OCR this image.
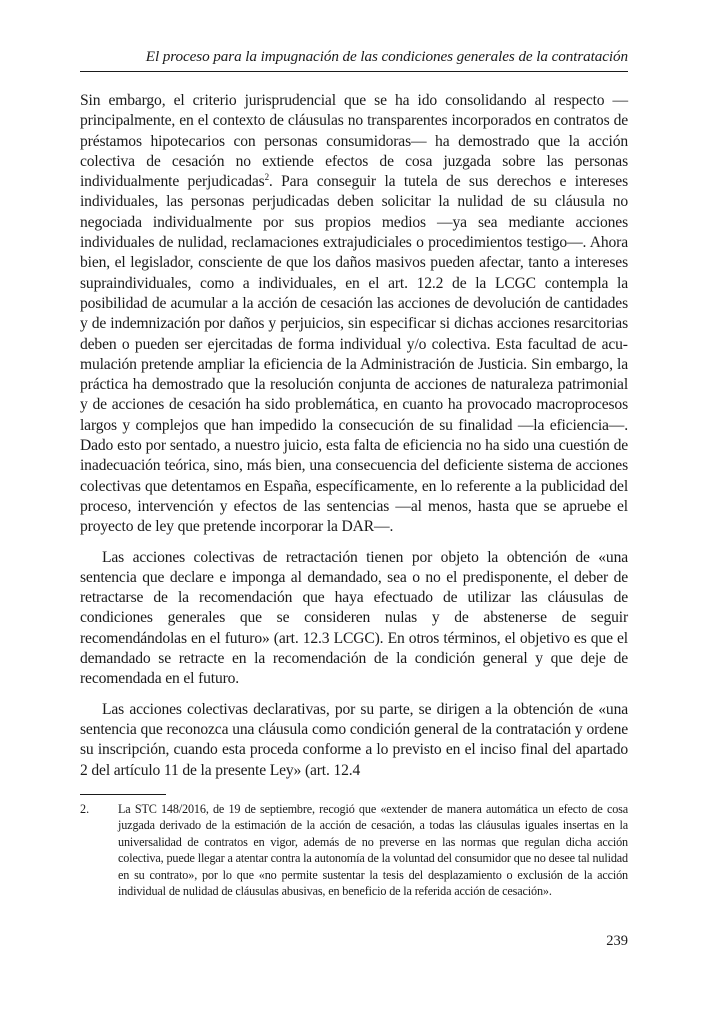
El proceso para la impugnación de las condiciones generales de la contratación

Sin embargo, el criterio jurisprudencial que se ha ido consolidando al respecto —principalmente, en el contexto de cláusulas no transparentes incorporados en contratos de préstamos hipotecarios con personas consumidoras— ha demostrado que la acción colectiva de cesación no extiende efectos de cosa juzgada sobre las personas individualmente perjudicadas$^2$. Para conseguir la tutela de sus derechos e intereses individuales, las personas perjudicadas deben solicitar la nulidad de su cláusula no negociada individualmente por sus propios medios —ya sea mediante acciones individuales de nulidad, reclamaciones extrajudiciales o procedimientos testigo—. Ahora bien, el legislador, consciente de que los daños masivos pueden afectar, tanto a intereses supraindividuales, como a individuales, en el art. 12.2 de la LCGC contempla la posibilidad de acumular a la acción de cesación las acciones de devolución de cantidades y de indemnización por daños y perjuicios, sin especificar si dichas acciones resarcitorias deben o pueden ser ejercitadas de forma individual y/o colectiva. Esta facultad de acumulación pretende ampliar la eficiencia de la Administración de Justicia. Sin embargo, la práctica ha demostrado que la resolución conjunta de acciones de naturaleza patrimonial y de acciones de cesación ha sido problemática, en cuanto ha provocado macroprocesos largos y complejos que han impedido la consecución de su finalidad —la eficiencia—. Dado esto por sentado, a nuestro juicio, esta falta de eficiencia no ha sido una cuestión de inadecuación teórica, sino, más bien, una consecuencia del deficiente sistema de acciones colectivas que detentamos en España, específicamente, en lo referente a la publicidad del proceso, intervención y efectos de las sentencias —al menos, hasta que se apruebe el proyecto de ley que pretende incorporar la DAR—.

Las acciones colectivas de retractación tienen por objeto la obtención de «una sentencia que declare e imponga al demandado, sea o no el predisponente, el deber de retractarse de la recomendación que haya efectuado de utilizar las cláusulas de condiciones generales que se consideren nulas y de abstenerse de seguir recomendándolas en el futuro» (art. 12.3 LCGC). En otros términos, el objetivo es que el demandado se retracte en la recomendación de la condición general y que deje de recomendada en el futuro.

Las acciones colectivas declarativas, por su parte, se dirigen a la obtención de «una sentencia que reconozca una cláusula como condición general de la contratación y ordene su inscripción, cuando esta proceda conforme a lo previsto en el inciso final del apartado 2 del artículo 11 de la presente Ley» (art. 12.4

2.	La STC 148/2016, de 19 de septiembre, recogió que «extender de manera automática un efecto de cosa juzgada derivado de la estimación de la acción de cesación, a todas las cláusulas iguales insertas en la universalidad de contratos en vigor, además de no preverse en las normas que regulan dicha acción colectiva, puede llegar a atentar contra la autonomía de la voluntad del consumidor que no desee tal nulidad en su contrato», por lo que «no permite sustentar la tesis del desplazamiento o exclusión de la acción individual de nulidad de cláusulas abusivas, en beneficio de la referida acción de cesación».
239
